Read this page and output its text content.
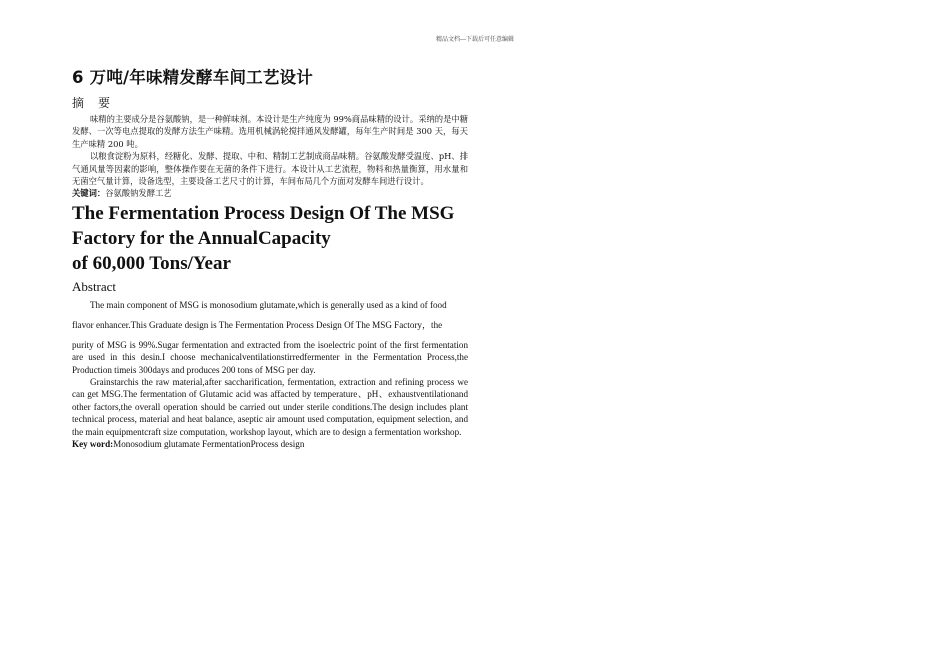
精品文档---下载后可任意编辑
6 万吨/年味精发酵车间工艺设计
摘 要

味精的主要成分是谷氨酸钠，是一种鲜味剂。本设计是生产纯度为 99%商品味精的设计。采纳的是中糖发酵、一次等电点提取的发酵方法生产味精。选用机械涡轮搅拌通风发酵罐，每年生产时间是 300 天，每天生产味精 200 吨。

以粮食淀粉为原料，经糖化、发酵、提取、中和、精制工艺制成商品味精。谷氨酸发酵受温度、pH、排气通风量等因素的影响，整体操作要在无菌的条件下进行。本设计从工艺流程，物料和热量衡算，用水量和无菌空气量计算，设备选型，主要设备工艺尺寸的计算，车间布局几个方面对发酵车间进行设计。

关键词：谷氨酸钠发酵工艺

The Fermentation Process Design Of The MSG
Factory for the AnnualCapacity
of 60,000 Tons/Year
Abstract

The main component of MSG is monosodium glutamate,which is generally used as a kind of food

flavor enhancer.This Graduate design is The Fermentation Process Design Of The MSG Factory，the

purity of MSG is 99%.Sugar fermentation and extracted from the isoelectric point of the first fermentation are used in this desin.I choose mechanicalventilationstirredfermenter in the Fermentation Process,the Production timeis 300days and produces 200 tons of MSG per day.

Grainstarchis the raw material,after saccharification, fermentation, extraction and refining process we can get MSG.The fermentation of Glutamic acid was affacted by temperature、pH、exhaustventilationand other factors,the overall operation should be carried out under sterile conditions.The design includes plant technical process, material and heat balance, aseptic air amount used computation, equipment selection, and the main equipmentcraft size computation, workshop layout, which are to design a fermentation workshop.

Key word:Monosodium glutamate FermentationProcess design
